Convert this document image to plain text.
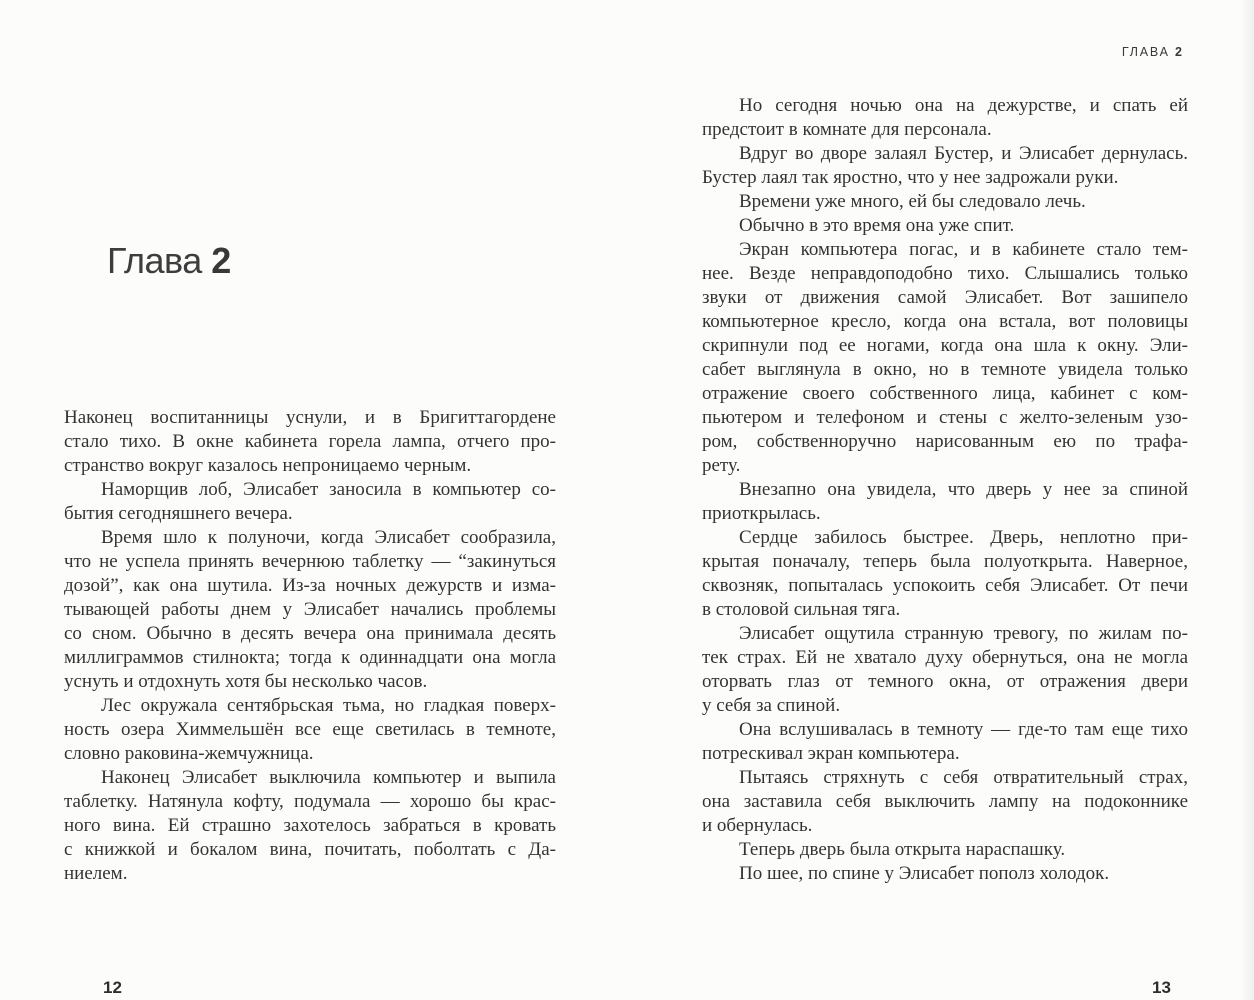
Глава 2
Наконец воспитанницы уснули, и в Бригиттагордене
стало тихо. В окне кабинета горела лампа, отчего про-
странство вокруг казалось непроницаемо черным.
Наморщив лоб, Элисабет заносила в компьютер со-
бытия сегодняшнего вечера.
Время шло к полуночи, когда Элисабет сообразила,
что не успела принять вечернюю таблетку — “закинуться
дозой”, как она шутила. Из-за ночных дежурств и изма-
тывающей работы днем у Элисабет начались проблемы
со сном. Обычно в десять вечера она принимала десять
миллиграммов стилнокта; тогда к одиннадцати она могла
уснуть и отдохнуть хотя бы несколько часов.
Лес окружала сентябрьская тьма, но гладкая поверх-
ность озера Химмельшён все еще светилась в темноте,
словно раковина-жемчужница.
Наконец Элисабет выключила компьютер и выпила
таблетку. Натянула кофту, подумала — хорошо бы крас-
ного вина. Ей страшно захотелось забраться в кровать
с книжкой и бокалом вина, почитать, поболтать с Да-
ниелем.
12
ГЛАВА 2
Но сегодня ночью она на дежурстве, и спать ей
предстоит в комнате для персонала.
Вдруг во дворе залаял Бустер, и Элисабет дернулась.
Бустер лаял так яростно, что у нее задрожали руки.
Времени уже много, ей бы следовало лечь.
Обычно в это время она уже спит.
Экран компьютера погас, и в кабинете стало тем-
нее. Везде неправдоподобно тихо. Слышались только
звуки от движения самой Элисабет. Вот зашипело
компьютерное кресло, когда она встала, вот половицы
скрипнули под ее ногами, когда она шла к окну. Эли-
сабет выглянула в окно, но в темноте увидела только
отражение своего собственного лица, кабинет с ком-
пьютером и телефоном и стены с желто-зеленым узо-
ром, собственноручно нарисованным ею по трафа-
рету.
Внезапно она увидела, что дверь у нее за спиной
приоткрылась.
Сердце забилось быстрее. Дверь, неплотно при-
крытая поначалу, теперь была полуоткрыта. Наверное,
сквозняк, попыталась успокоить себя Элисабет. От печи
в столовой сильная тяга.
Элисабет ощутила странную тревогу, по жилам по-
тек страх. Ей не хватало духу обернуться, она не могла
оторвать глаз от темного окна, от отражения двери
у себя за спиной.
Она вслушивалась в темноту — где-то там еще тихо
потрескивал экран компьютера.
Пытаясь стряхнуть с себя отвратительный страх,
она заставила себя выключить лампу на подоконнике
и обернулась.
Теперь дверь была открыта нараспашку.
По шее, по спине у Элисабет пополз холодок.
13
